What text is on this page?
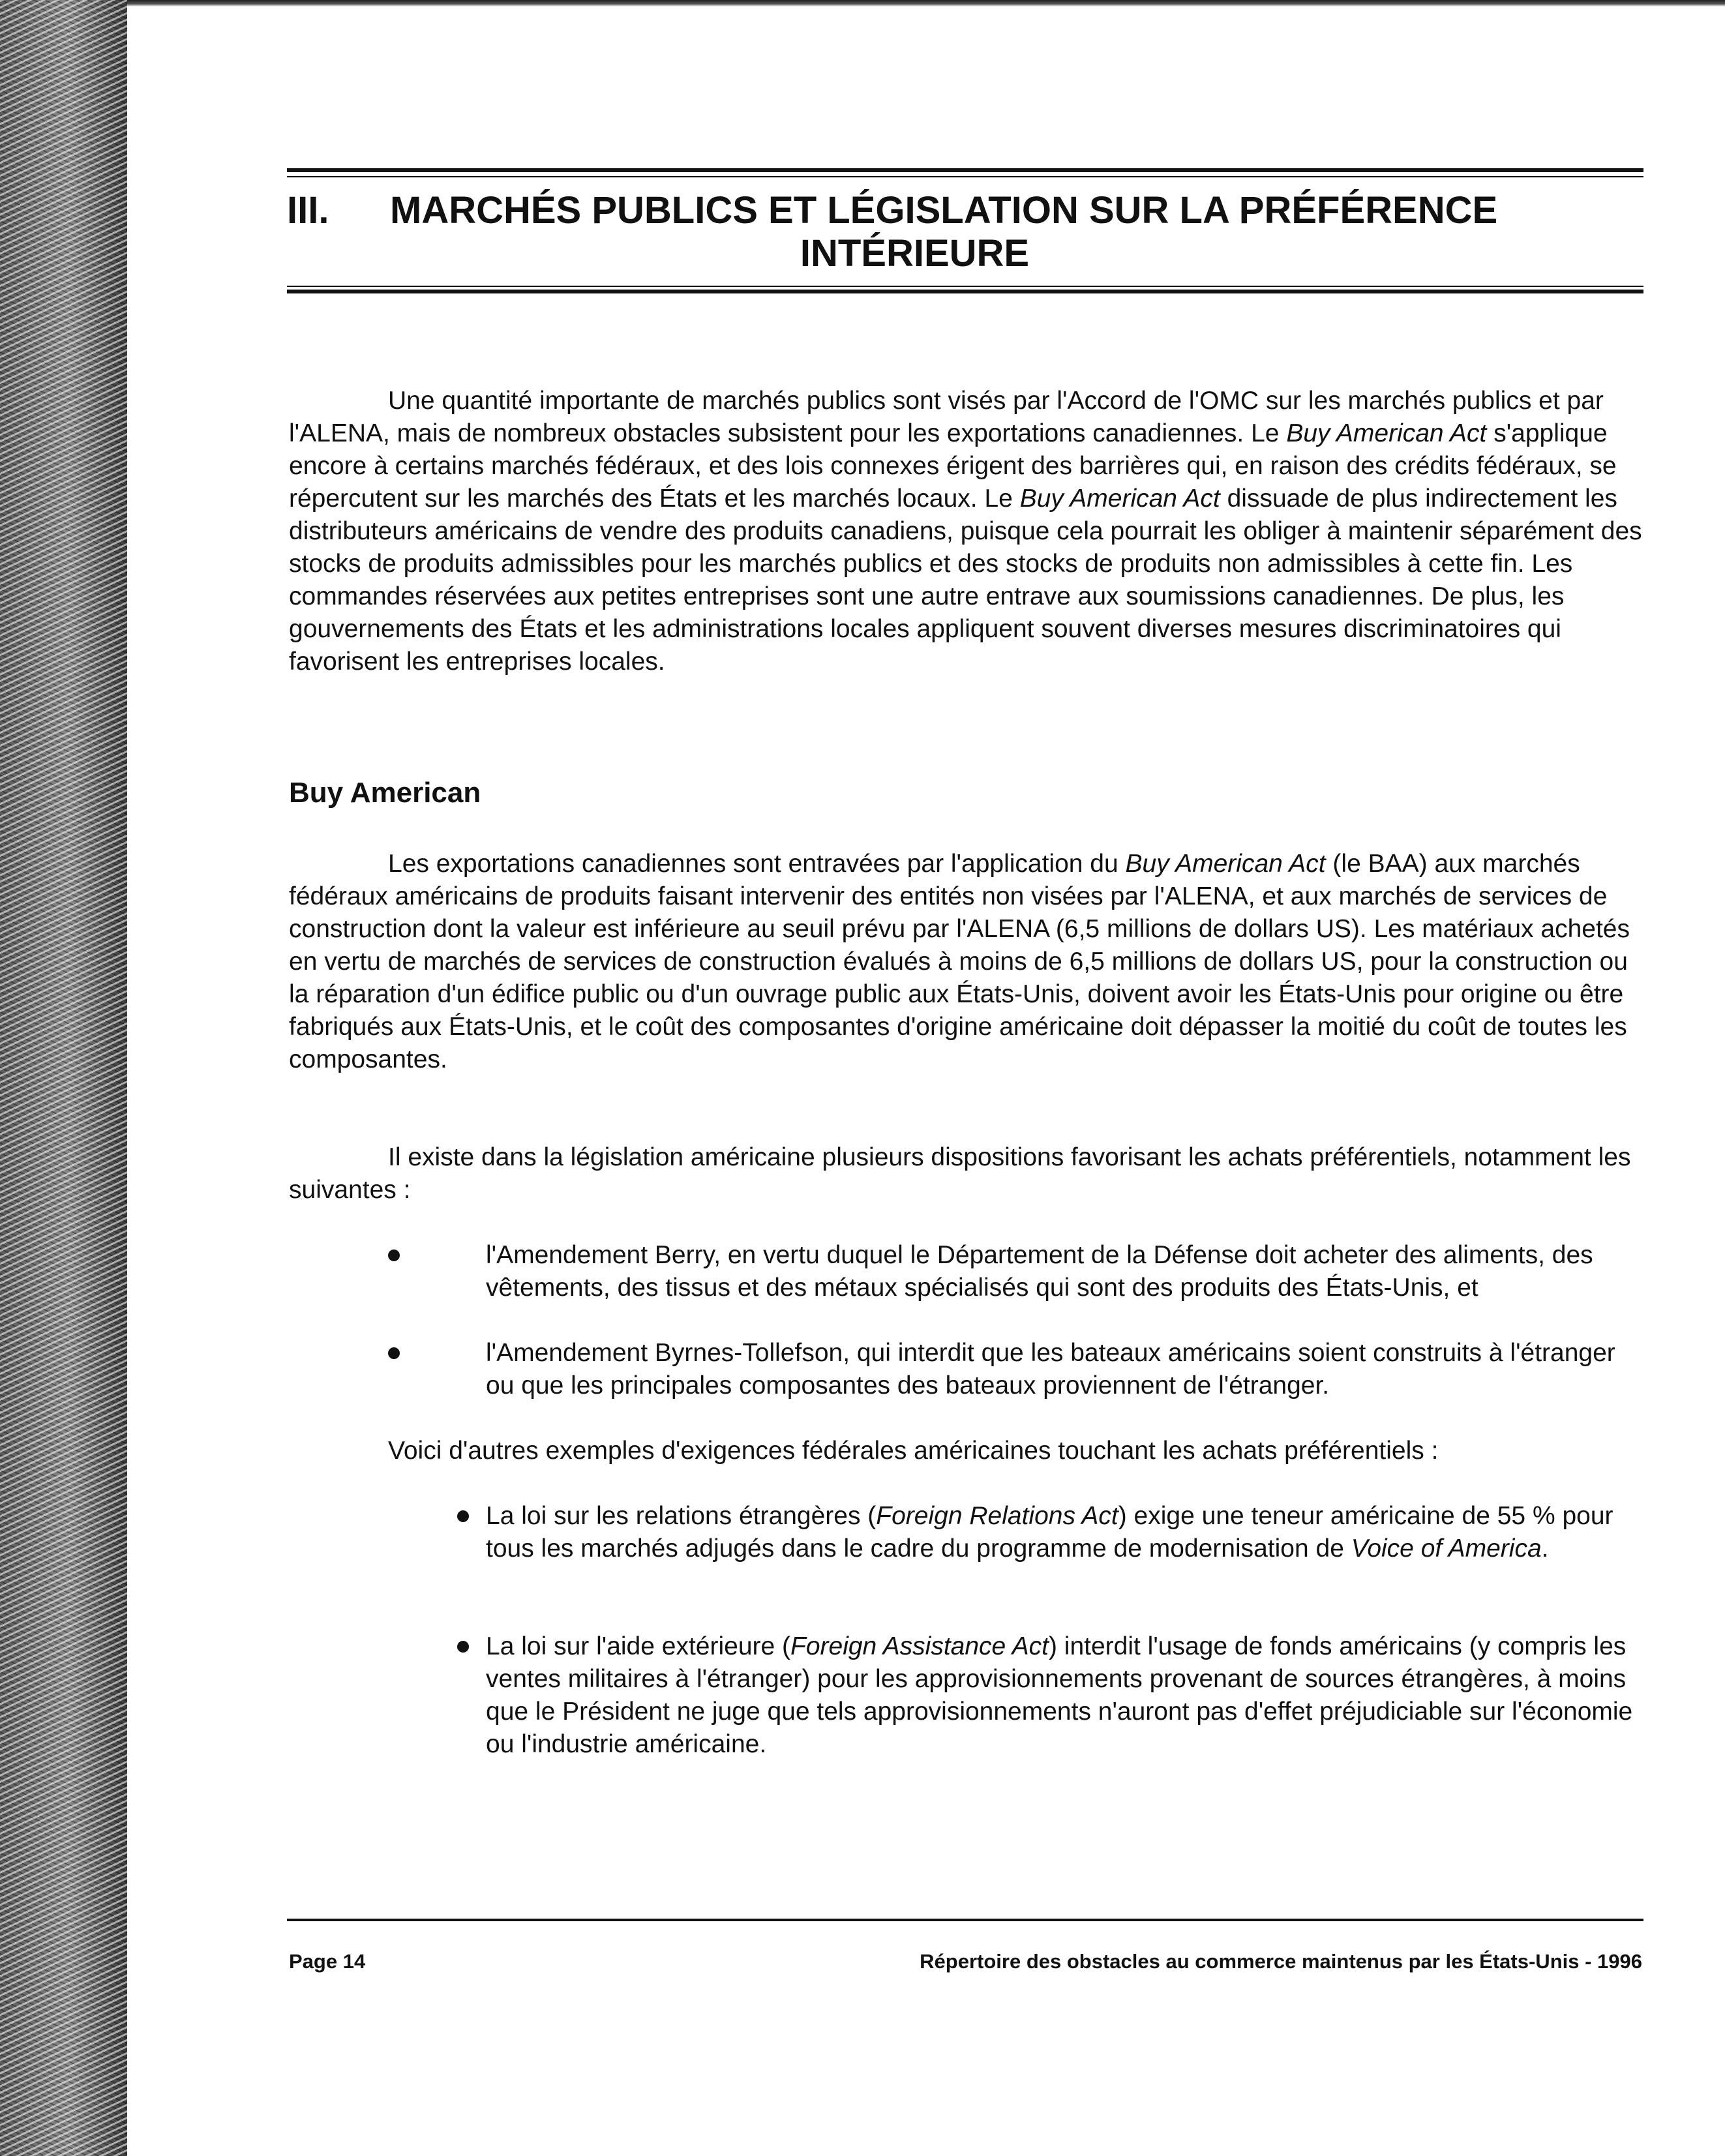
III. MARCHÉS PUBLICS ET LÉGISLATION SUR LA PRÉFÉRENCE
INTÉRIEURE

Une quantité importante de marchés publics sont visés par l'Accord de l'OMC sur les marchés publics et par l'ALENA, mais de nombreux obstacles subsistent pour les exportations canadiennes. Le Buy American Act s'applique encore à certains marchés fédéraux, et des lois connexes érigent des barrières qui, en raison des crédits fédéraux, se répercutent sur les marchés des États et les marchés locaux. Le Buy American Act dissuade de plus indirectement les distributeurs américains de vendre des produits canadiens, puisque cela pourrait les obliger à maintenir séparément des stocks de produits admissibles pour les marchés publics et des stocks de produits non admissibles à cette fin. Les commandes réservées aux petites entreprises sont une autre entrave aux soumissions canadiennes. De plus, les gouvernements des États et les administrations locales appliquent souvent diverses mesures discriminatoires qui favorisent les entreprises locales.

Buy American

Les exportations canadiennes sont entravées par l'application du Buy American Act (le BAA) aux marchés fédéraux américains de produits faisant intervenir des entités non visées par l'ALENA, et aux marchés de services de construction dont la valeur est inférieure au seuil prévu par l'ALENA (6,5 millions de dollars US). Les matériaux achetés en vertu de marchés de services de construction évalués à moins de 6,5 millions de dollars US, pour la construction ou la réparation d'un édifice public ou d'un ouvrage public aux États-Unis, doivent avoir les États-Unis pour origine ou être fabriqués aux États-Unis, et le coût des composantes d'origine américaine doit dépasser la moitié du coût de toutes les composantes.

Il existe dans la législation américaine plusieurs dispositions favorisant les achats préférentiels, notamment les suivantes :

l'Amendement Berry, en vertu duquel le Département de la Défense doit acheter des aliments, des vêtements, des tissus et des métaux spécialisés qui sont des produits des États-Unis, et
l'Amendement Byrnes-Tollefson, qui interdit que les bateaux américains soient construits à l'étranger ou que les principales composantes des bateaux proviennent de l'étranger.

Voici d'autres exemples d'exigences fédérales américaines touchant les achats préférentiels :

La loi sur les relations étrangères (Foreign Relations Act) exige une teneur américaine de 55 % pour tous les marchés adjugés dans le cadre du programme de modernisation de Voice of America.
La loi sur l'aide extérieure (Foreign Assistance Act) interdit l'usage de fonds américains (y compris les ventes militaires à l'étranger) pour les approvisionnements provenant de sources étrangères, à moins que le Président ne juge que tels approvisionnements n'auront pas d'effet préjudiciable sur l'économie ou l'industrie américaine.
Page 14	Répertoire des obstacles au commerce maintenus par les États-Unis - 1996
